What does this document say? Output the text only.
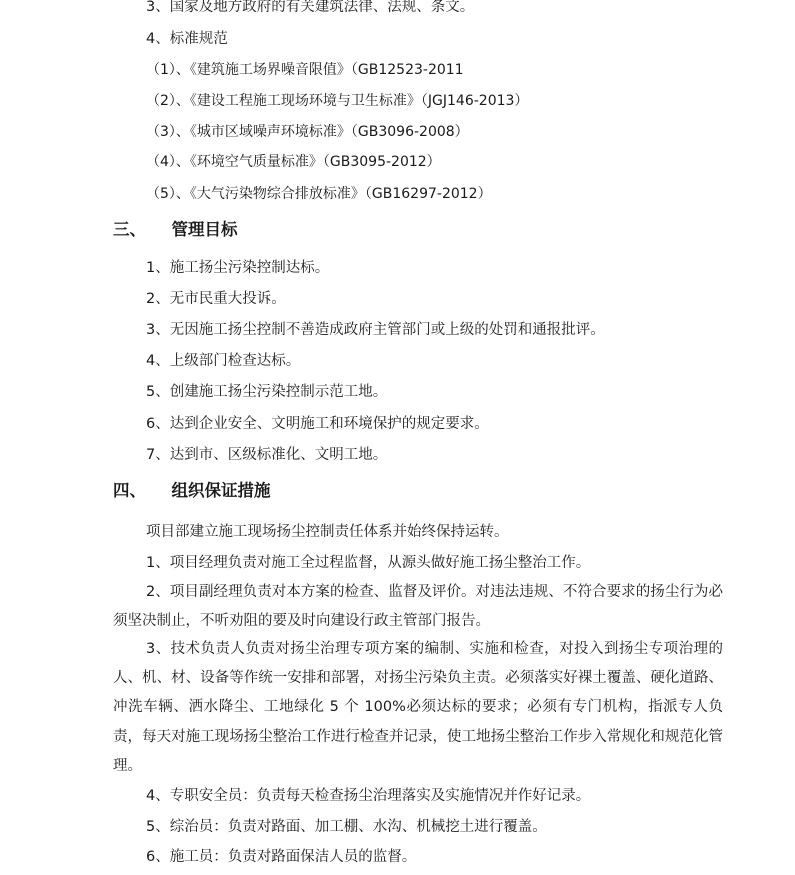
3、国家及地方政府的有关建筑法律、法规、条文。
4、标准规范
（1）、《建筑施工场界噪音限值》（GB12523-2011
（2）、《建设工程施工现场环境与卫生标准》（JGJ146-2013）
（3）、《城市区域噪声环境标准》（GB3096-2008）
（4）、《环境空气质量标准》（GB3095-2012）
（5）、《大气污染物综合排放标准》（GB16297-2012）
三、 管理目标
1、施工扬尘污染控制达标。
2、无市民重大投诉。
3、无因施工扬尘控制不善造成政府主管部门或上级的处罚和通报批评。
4、上级部门检查达标。
5、创建施工扬尘污染控制示范工地。
6、达到企业安全、文明施工和环境保护的规定要求。
7、达到市、区级标准化、文明工地。
四、 组织保证措施
项目部建立施工现场扬尘控制责任体系并始终保持运转。
1、项目经理负责对施工全过程监督，从源头做好施工扬尘整治工作。
2、项目副经理负责对本方案的检查、监督及评价。对违法违规、不符合要求的扬尘行为必须坚决制止，不听劝阻的要及时向建设行政主管部门报告。
3、技术负责人负责对扬尘治理专项方案的编制、实施和检查，对投入到扬尘专项治理的人、机、材、设备等作统一安排和部署，对扬尘污染负主责。必须落实好裸土覆盖、硬化道路、冲洗车辆、洒水降尘、工地绿化 5 个 100%必须达标的要求；必须有专门机构，指派专人负责，每天对施工现场扬尘整治工作进行检查并记录，使工地扬尘整治工作步入常规化和规范化管理。
4、专职安全员：负责每天检查扬尘治理落实及实施情况并作好记录。
5、综治员：负责对路面、加工棚、水沟、机械挖土进行覆盖。
6、施工员：负责对路面保洁人员的监督。
